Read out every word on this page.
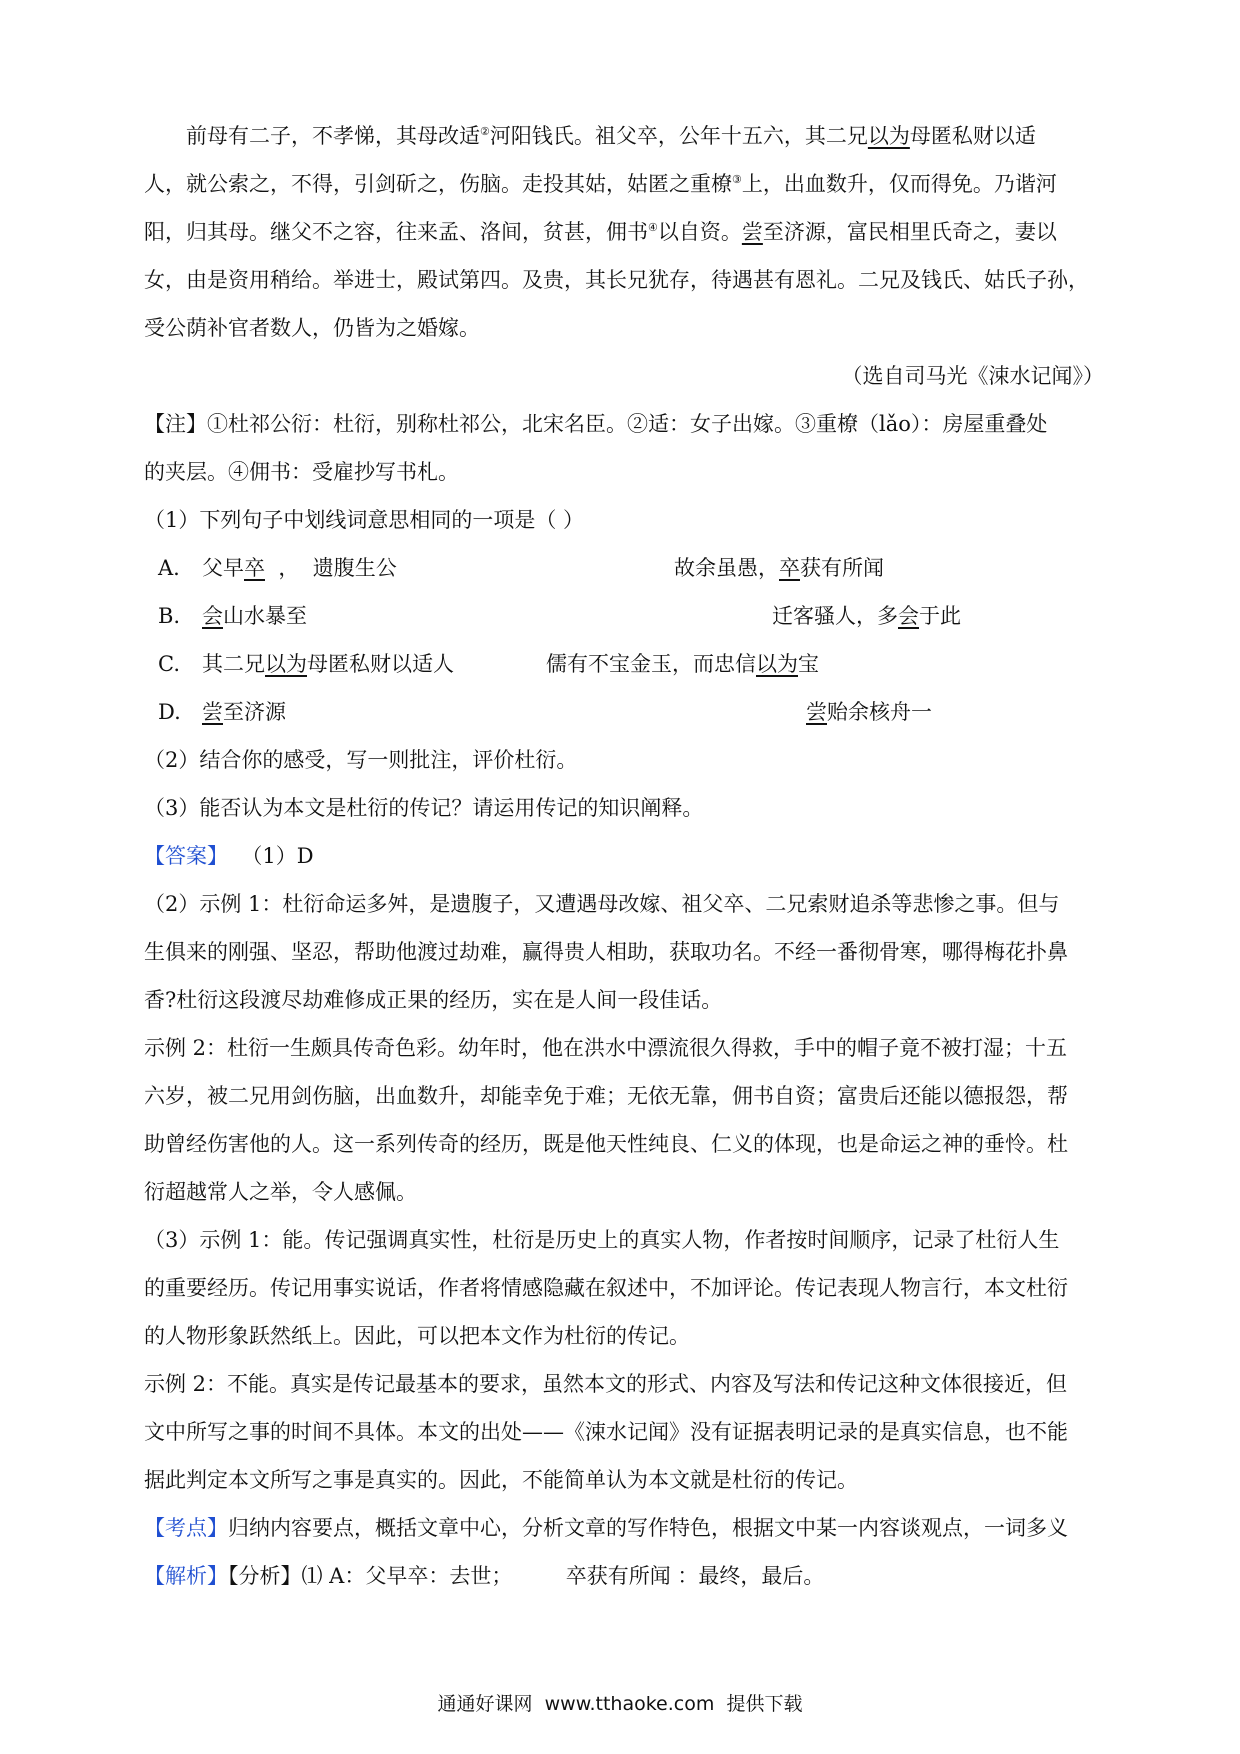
前母有二子，不孝悌，其母改适②河阳钱氏。祖父卒，公年十五六，其二兄以为母匿私财以适
人，就公索之，不得，引剑斫之，伤脑。走投其姑，姑匿之重橑③上，出血数升，仅而得免。乃谐河
阳，归其母。继父不之容，往来孟、洛间，贫甚，佣书④以自资。尝至济源，富民相里氏奇之，妻以
女，由是资用稍给。举进士，殿试第四。及贵，其长兄犹存，待遇甚有恩礼。二兄及钱氏、姑氏子孙，
受公荫补官者数人，仍皆为之婚嫁。
（选自司马光《涑水记闻》）
【注】①杜祁公衍：杜衍，别称杜祁公，北宋名臣。②适：女子出嫁。③重橑（lǎo）：房屋重叠处
的夹层。④佣书：受雇抄写书札。
（1）下列句子中划线词意思相同的一项是（ ）
A. 父早卒  ，  遗腹生公	故余虽愚，卒获有所闻
B. 会山水暴至	迁客骚人，多会于此
C. 其二兄以为母匿私财以适人	儒有不宝金玉，而忠信以为宝
D. 尝至济源	尝贻余核舟一
（2）结合你的感受，写一则批注，评价杜衍。
（3）能否认为本文是杜衍的传记？请运用传记的知识阐释。
【答案】  （1）D
（2）示例 1：杜衍命运多舛，是遗腹子，又遭遇母改嫁、祖父卒、二兄索财追杀等悲惨之事。但与
生俱来的刚强、坚忍，帮助他渡过劫难，赢得贵人相助，获取功名。不经一番彻骨寒，哪得梅花扑鼻
香?杜衍这段渡尽劫难修成正果的经历，实在是人间一段佳话。
示例 2：杜衍一生颇具传奇色彩。幼年时，他在洪水中漂流很久得救，手中的帽子竟不被打湿；十五
六岁，被二兄用剑伤脑，出血数升，却能幸免于难；无依无靠，佣书自资；富贵后还能以德报怨，帮
助曾经伤害他的人。这一系列传奇的经历，既是他天性纯良、仁义的体现，也是命运之神的垂怜。杜
衍超越常人之举，令人感佩。
（3）示例 1：能。传记强调真实性，杜衍是历史上的真实人物，作者按时间顺序，记录了杜衍人生
的重要经历。传记用事实说话，作者将情感隐藏在叙述中，不加评论。传记表现人物言行，本文杜衍
的人物形象跃然纸上。因此，可以把本文作为杜衍的传记。
示例 2：不能。真实是传记最基本的要求，虽然本文的形式、内容及写法和传记这种文体很接近，但
文中所写之事的时间不具体。本文的出处——《涑水记闻》没有证据表明记录的是真实信息，也不能
据此判定本文所写之事是真实的。因此，不能简单认为本文就是杜衍的传记。
【考点】归纳内容要点，概括文章中心，分析文章的写作特色，根据文中某一内容谈观点，一词多义
【解析】【分析】⑴ A：父早卒：去世；        卒获有所闻 ：最终，最后。
通通好课网  www.tthaoke.com  提供下载
